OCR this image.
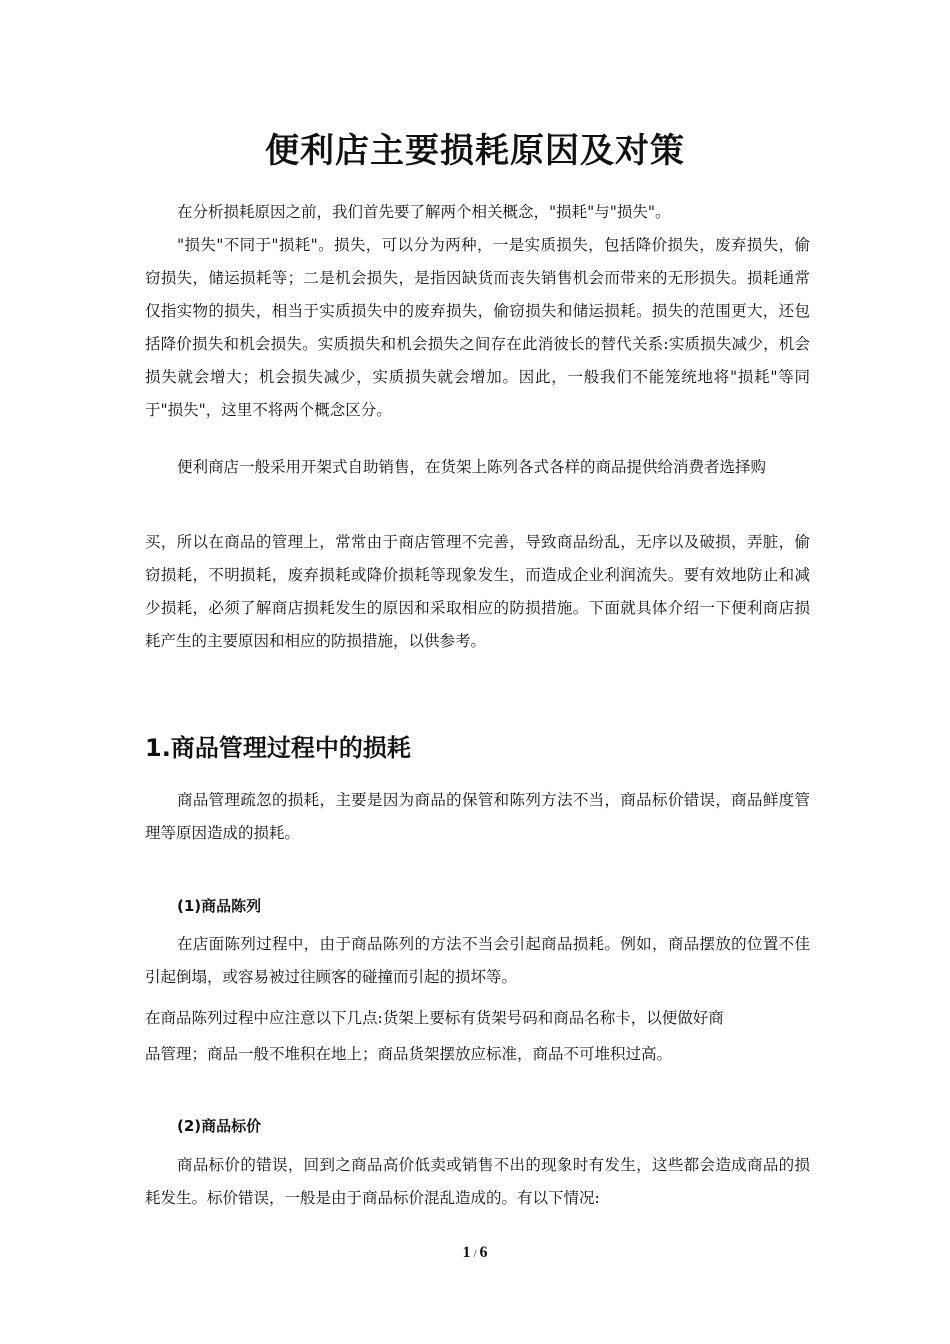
便利店主要损耗原因及对策

在分析损耗原因之前，我们首先要了解两个相关概念，"损耗"与"损失"。

"损失"不同于"损耗"。损失，可以分为两种，一是实质损失，包括降价损失，废弃损失，偷窃损失，储运损耗等；二是机会损失，是指因缺货而丧失销售机会而带来的无形损失。损耗通常仅指实物的损失，相当于实质损失中的废弃损失，偷窃损失和储运损耗。损失的范围更大，还包括降价损失和机会损失。实质损失和机会损失之间存在此消彼长的替代关系:实质损失减少，机会损失就会增大；机会损失减少，实质损失就会增加。因此，一般我们不能笼统地将"损耗"等同于"损失"，这里不将两个概念区分。

便利商店一般采用开架式自助销售，在货架上陈列各式各样的商品提供给消费者选择购

买，所以在商品的管理上，常常由于商店管理不完善，导致商品纷乱，无序以及破损，弄脏，偷窃损耗，不明损耗，废弃损耗或降价损耗等现象发生，而造成企业利润流失。要有效地防止和减少损耗，必须了解商店损耗发生的原因和采取相应的防损措施。下面就具体介绍一下便利商店损耗产生的主要原因和相应的防损措施，以供参考。

1.商品管理过程中的损耗

商品管理疏忽的损耗，主要是因为商品的保管和陈列方法不当，商品标价错误，商品鲜度管理等原因造成的损耗。

(1)商品陈列

在店面陈列过程中，由于商品陈列的方法不当会引起商品损耗。例如，商品摆放的位置不佳引起倒塌，或容易被过往顾客的碰撞而引起的损坏等。

在商品陈列过程中应注意以下几点:货架上要标有货架号码和商品名称卡，以便做好商

品管理；商品一般不堆积在地上；商品货架摆放应标准，商品不可堆积过高。

(2)商品标价

商品标价的错误，回到之商品高价低卖或销售不出的现象时有发生，这些都会造成商品的损耗发生。标价错误，一般是由于商品标价混乱造成的。有以下情况:

1 / 6
